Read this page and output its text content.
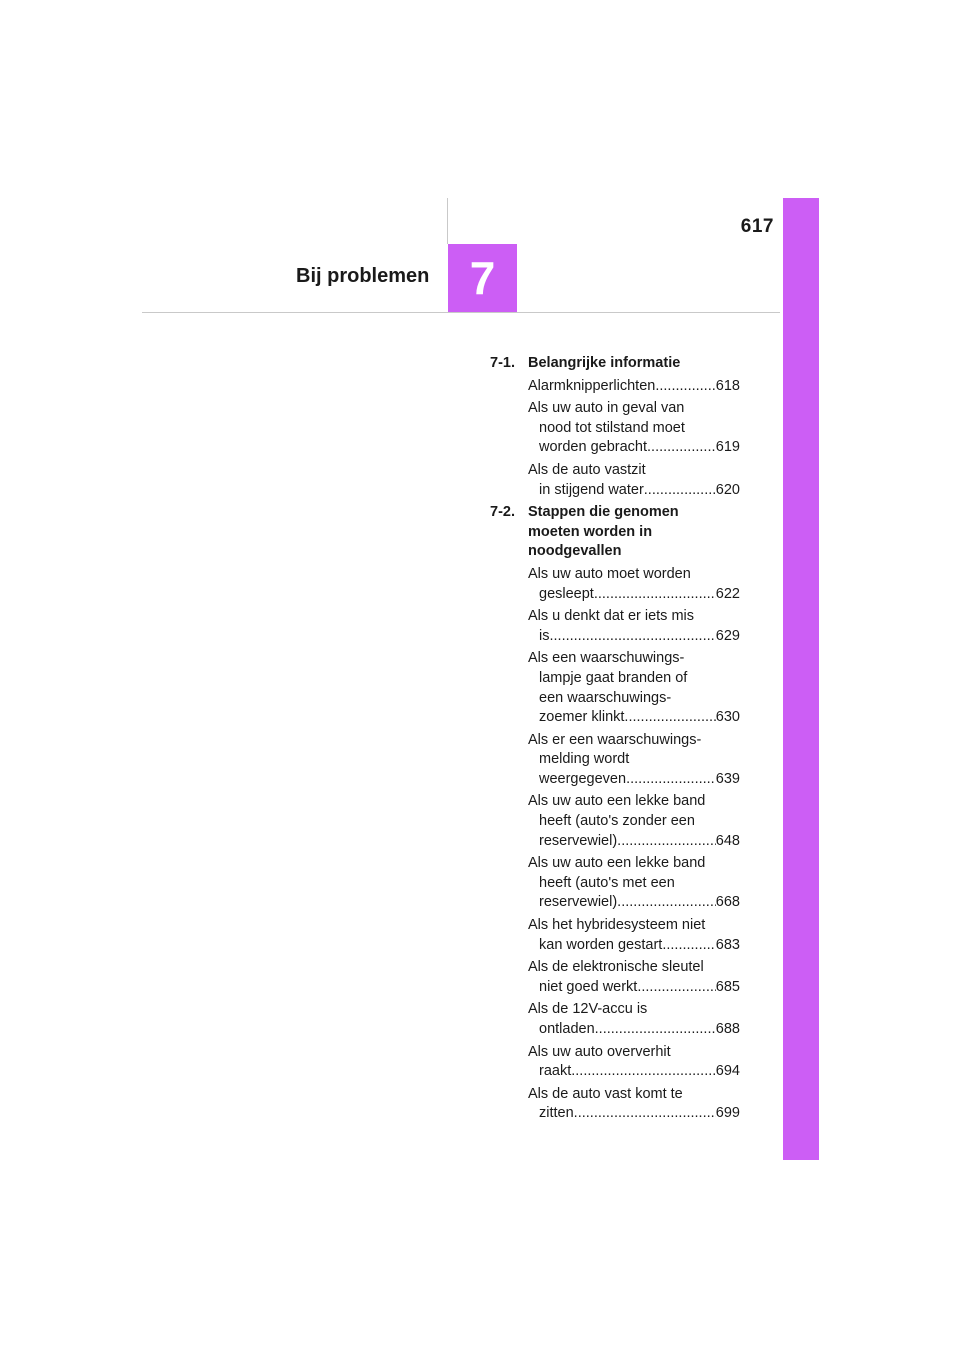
617
Bij problemen 7
7-1. Belangrijke informatie
Alarmknipperlichten .....	618
Als uw auto in geval van
nood tot stilstand moet
worden gebracht .....	619
Als de auto vastzit
in stijgend water .....	620
7-2. Stappen die genomen
moeten worden in
noodgevallen
Als uw auto moet worden
gesleept .....	622
Als u denkt dat er iets mis
is .....	629
Als een waarschuwings-
lampje gaat branden of
een waarschuwings-
zoemer klinkt .....	630
Als er een waarschuwings-
melding wordt
weergegeven .....	639
Als uw auto een lekke band
heeft (auto's zonder een
reservewiel) .....	648
Als uw auto een lekke band
heeft (auto's met een
reservewiel) .....	668
Als het hybridesysteem niet
kan worden gestart .....	683
Als de elektronische sleutel
niet goed werkt .....	685
Als de 12V-accu is
ontladen .....	688
Als uw auto oververhit
raakt .....	694
Als de auto vast komt te
zitten .....	699
